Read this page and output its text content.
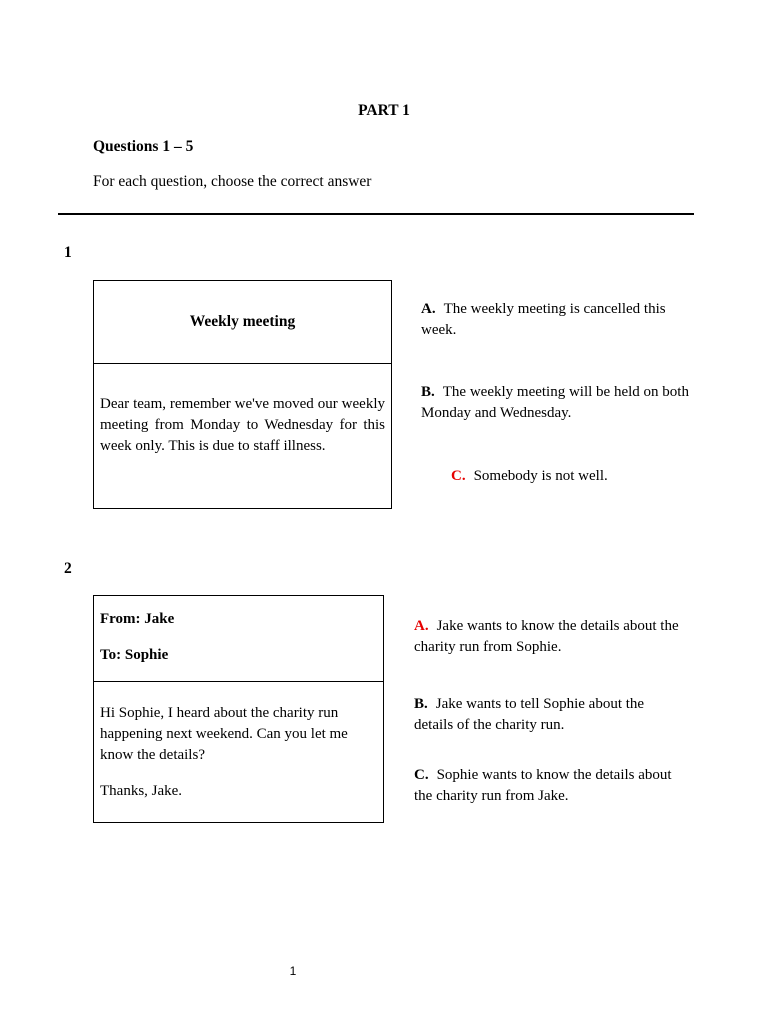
PART 1
Questions 1 – 5
For each question, choose the correct answer
1
Weekly meeting
Dear team, remember we've moved our weekly meeting from Monday to Wednesday for this week only. This is due to staff illness.
A. The weekly meeting is cancelled this week.
B. The weekly meeting will be held on both Monday and Wednesday.
C. Somebody is not well.
2
From: Jake
To: Sophie
Hi Sophie, I heard about the charity run happening next weekend. Can you let me know the details?
Thanks, Jake.
A. Jake wants to know the details about the charity run from Sophie.
B. Jake wants to tell Sophie about the details of the charity run.
C. Sophie wants to know the details about the charity run from Jake.
1
